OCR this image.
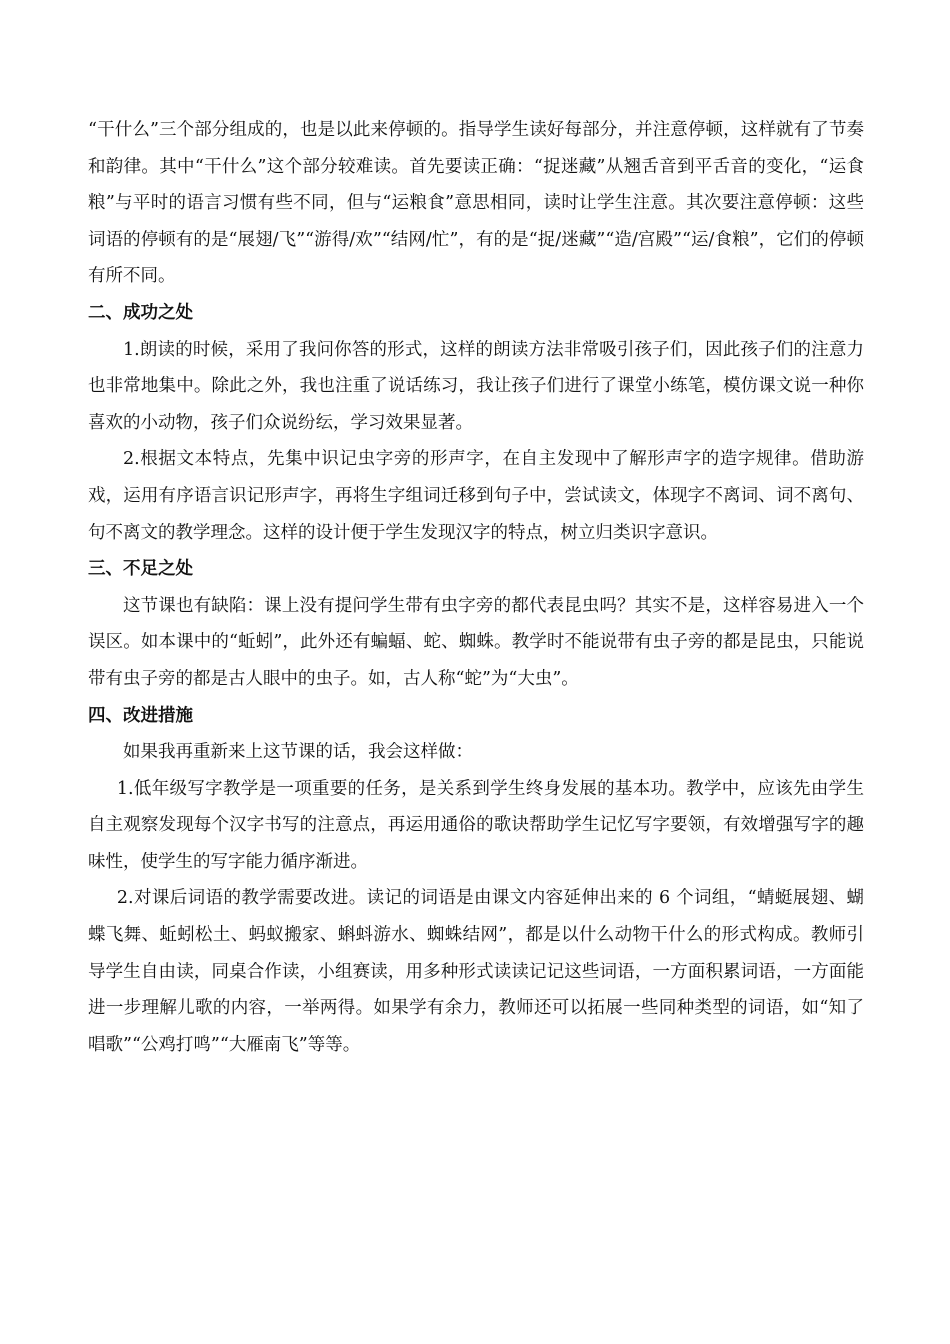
“干什么”三个部分组成的，也是以此来停顿的。指导学生读好每部分，并注意停顿，这样就有了节奏和韵律。其中“干什么”这个部分较难读。首先要读正确：“捉迷藏”从翘舌音到平舌音的变化，“运食粮”与平时的语言习惯有些不同，但与“运粮食”意思相同，读时让学生注意。其次要注意停顿：这些词语的停顿有的是“展翅/飞”“游得/欢”“结网/忙”，有的是“捉/迷藏”“造/宫殿”“运/食粮”，它们的停顿有所不同。

二、成功之处

1.朗读的时候，采用了我问你答的形式，这样的朗读方法非常吸引孩子们，因此孩子们的注意力也非常地集中。除此之外，我也注重了说话练习，我让孩子们进行了课堂小练笔，模仿课文说一种你喜欢的小动物，孩子们众说纷纭，学习效果显著。

2.根据文本特点，先集中识记虫字旁的形声字，在自主发现中了解形声字的造字规律。借助游戏，运用有序语言识记形声字，再将生字组词迁移到句子中，尝试读文，体现字不离词、词不离句、句不离文的教学理念。这样的设计便于学生发现汉字的特点，树立归类识字意识。

三、不足之处

这节课也有缺陷：课上没有提问学生带有虫字旁的都代表昆虫吗？其实不是，这样容易进入一个误区。如本课中的“蚯蚓”，此外还有蝙蝠、蛇、蜘蛛。教学时不能说带有虫子旁的都是昆虫，只能说带有虫子旁的都是古人眼中的虫子。如，古人称“蛇”为“大虫”。

四、改进措施

如果我再重新来上这节课的话，我会这样做：

1.低年级写字教学是一项重要的任务，是关系到学生终身发展的基本功。教学中，应该先由学生自主观察发现每个汉字书写的注意点，再运用通俗的歌诀帮助学生记忆写字要领，有效增强写字的趣味性，使学生的写字能力循序渐进。

2.对课后词语的教学需要改进。读记的词语是由课文内容延伸出来的 6 个词组，“蜻蜓展翅、蝴蝶飞舞、蚯蚓松土、蚂蚁搬家、蝌蚪游水、蜘蛛结网”，都是以什么动物干什么的形式构成。教师引导学生自由读，同桌合作读，小组赛读，用多种形式读读记记这些词语，一方面积累词语，一方面能进一步理解儿歌的内容，一举两得。如果学有余力，教师还可以拓展一些同种类型的词语，如“知了唱歌”“公鸡打鸣”“大雁南飞”等等。
